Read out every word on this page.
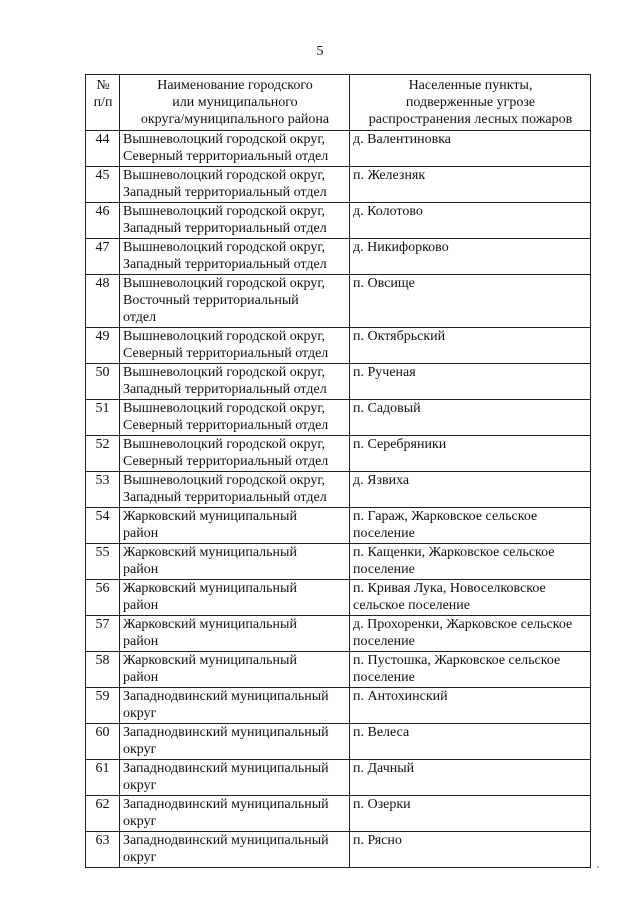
5
№
п/п	Наименование городского
или муниципального
округа/муниципального района	Населенные пункты,
подверженные угрозе
распространения лесных пожаров

44	Вышневолоцкий городской округ,
Северный территориальный отдел	д. Валентиновка

45	Вышневолоцкий городской округ,
Западный территориальный отдел	п. Железняк

46	Вышневолоцкий городской округ,
Западный территориальный отдел	д. Колотово

47	Вышневолоцкий городской округ,
Западный территориальный отдел	д. Никифорково

48	Вышневолоцкий городской округ,
Восточный территориальный
отдел	п. Овсище

49	Вышневолоцкий городской округ,
Северный территориальный отдел	п. Октябрьский

50	Вышневолоцкий городской округ,
Западный территориальный отдел	п. Рученая

51	Вышневолоцкий городской округ,
Северный территориальный отдел	п. Садовый

52	Вышневолоцкий городской округ,
Северный территориальный отдел	п. Серебряники

53	Вышневолоцкий городской округ,
Западный территориальный отдел	д. Язвиха

54	Жарковский муниципальный
район	п. Гараж, Жарковское сельское
поселение

55	Жарковский муниципальный
район	п. Кащенки, Жарковское сельское
поселение

56	Жарковский муниципальный
район	п. Кривая Лука, Новоселковское
сельское поселение

57	Жарковский муниципальный
район	д. Прохоренки, Жарковское сельское
поселение

58	Жарковский муниципальный
район	п. Пустошка, Жарковское сельское
поселение

59	Западнодвинский муниципальный
округ	п. Антохинский

60	Западнодвинский муниципальный
округ	п. Велеса

61	Западнодвинский муниципальный
округ	п. Дачный

62	Западнодвинский муниципальный
округ	п. Озерки

63	Западнодвинский муниципальный
округ	п. Рясно
